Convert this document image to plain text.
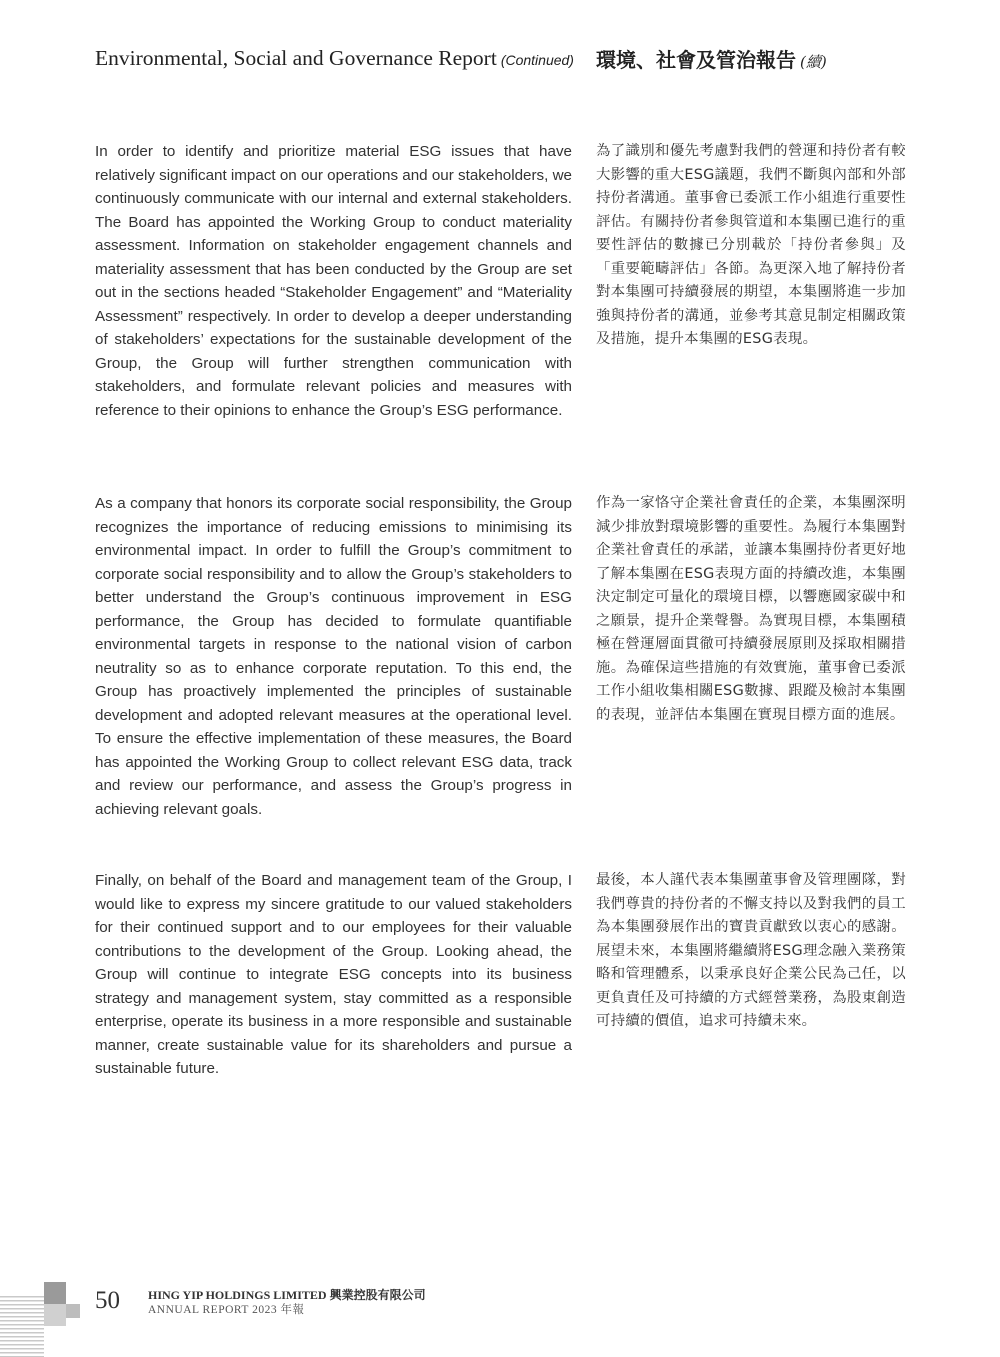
Environmental, Social and Governance Report (Continued) 環境、社會及管治報告 (續)

In order to identify and prioritize material ESG issues that have relatively significant impact on our operations and our stakeholders, we continuously communicate with our internal and external stakeholders. The Board has appointed the Working Group to conduct materiality assessment. Information on stakeholder engagement channels and materiality assessment that has been conducted by the Group are set out in the sections headed “Stakeholder Engagement” and “Materiality Assessment” respectively. In order to develop a deeper understanding of stakeholders’ expectations for the sustainable development of the Group, the Group will further strengthen communication with stakeholders, and formulate relevant policies and measures with reference to their opinions to enhance the Group’s ESG performance.

為了識別和優先考慮對我們的營運和持份者有較大影響的重大ESG議題，我們不斷與內部和外部持份者溝通。董事會已委派工作小組進行重要性評估。有關持份者參與管道和本集團已進行的重要性評估的數據已分別載於「持份者參與」及「重要範疇評估」各節。為更深入地了解持份者對本集團可持續發展的期望，本集團將進一步加強與持份者的溝通，並參考其意見制定相關政策及措施，提升本集團的ESG表現。

As a company that honors its corporate social responsibility, the Group recognizes the importance of reducing emissions to minimising its environmental impact. In order to fulfill the Group’s commitment to corporate social responsibility and to allow the Group’s stakeholders to better understand the Group’s continuous improvement in ESG performance, the Group has decided to formulate quantifiable environmental targets in response to the national vision of carbon neutrality so as to enhance corporate reputation. To this end, the Group has proactively implemented the principles of sustainable development and adopted relevant measures at the operational level. To ensure the effective implementation of these measures, the Board has appointed the Working Group to collect relevant ESG data, track and review our performance, and assess the Group’s progress in achieving relevant goals.

作為一家恪守企業社會責任的企業，本集團深明減少排放對環境影響的重要性。為履行本集團對企業社會責任的承諾，並讓本集團持份者更好地了解本集團在ESG表現方面的持續改進，本集團決定制定可量化的環境目標，以響應國家碳中和之願景，提升企業聲譽。為實現目標，本集團積極在營運層面貫徹可持續發展原則及採取相關措施。為確保這些措施的有效實施，董事會已委派工作小組收集相關ESG數據、跟蹤及檢討本集團的表現，並評估本集團在實現目標方面的進展。

Finally, on behalf of the Board and management team of the Group, I would like to express my sincere gratitude to our valued stakeholders for their continued support and to our employees for their valuable contributions to the development of the Group. Looking ahead, the Group will continue to integrate ESG concepts into its business strategy and management system, stay committed as a responsible enterprise, operate its business in a more responsible and sustainable manner, create sustainable value for its shareholders and pursue a sustainable future.

最後，本人謹代表本集團董事會及管理團隊，對我們尊貴的持份者的不懈支持以及對我們的員工為本集團發展作出的寶貴貢獻致以衷心的感謝。展望未來，本集團將繼續將ESG理念融入業務策略和管理體系，以秉承良好企業公民為己任，以更負責任及可持續的方式經營業務，為股東創造可持續的價值，追求可持續未來。

50 HING YIP HOLDINGS LIMITED 興業控股有限公司
ANNUAL REPORT 2023 年報
